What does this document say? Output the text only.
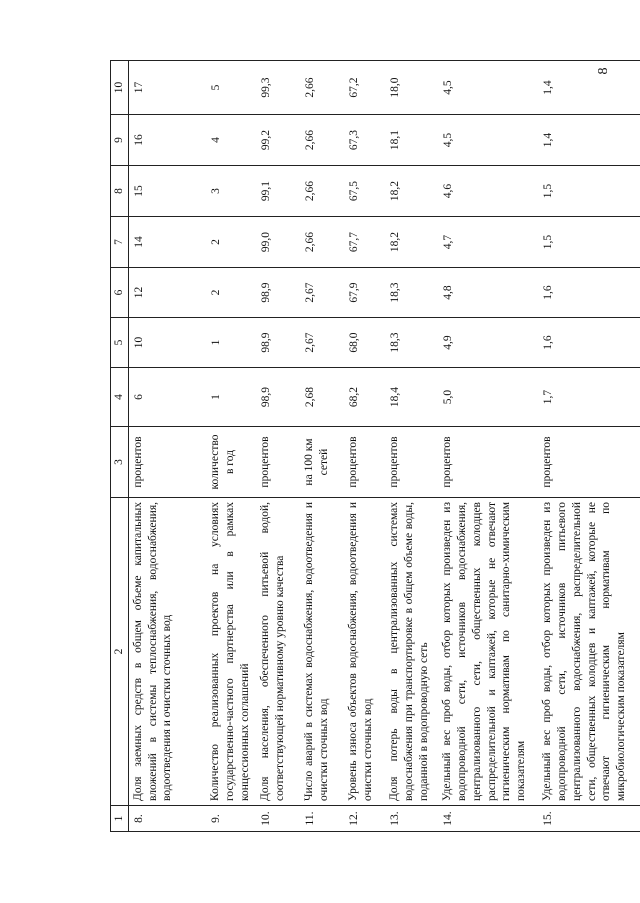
8
1	2	3	4	5	6	7	8	9	10
8.	Доля заемных средств в общем объеме капитальных вложений в системы теплоснабжения, водоснабжения, водоотведения и очистки сточных вод	процентов	6	10	12	14	15	16	17
9.	Количество реализованных проектов на условиях государственно-частного партнерства или в рамках концессионных соглашений	количество в год	1	1	2	2	3	4	5
10.	Доля населения, обеспеченного питьевой водой, соответствующей нормативному уровню качества	процентов	98,9	98,9	98,9	99,0	99,1	99,2	99,3
11.	Число аварий в системах водоснабжения, водоотведения и очистки сточных вод	на 100 км сетей	2,68	2,67	2,67	2,66	2,66	2,66	2,66
12.	Уровень износа объектов водоснабжения, водоотведения и очистки сточных вод	процентов	68,2	68,0	67,9	67,7	67,5	67,3	67,2
13.	Доля потерь воды в централизованных системах водоснабжения при транспортировке в общем объеме воды, поданной в водопроводную сеть	процентов	18,4	18,3	18,3	18,2	18,2	18,1	18,0
14.	Удельный вес проб воды, отбор которых произведен из водопроводной сети, источников водоснабжения, централизованного сети, общественных колодцев распределительной и каптажей, которые не отвечают гигиеническим нормативам по санитарно-химическим показателям	процентов	5,0	4,9	4,8	4,7	4,6	4,5	4,5
15.	Удельный вес проб воды, отбор которых произведен из водопроводной сети, источников питьевого централизованного водоснабжения, распределительной сети, общественных колодцев и каптажей, которые не отвечают гигиеническим нормативам по микробиологическим показателям	процентов	1,7	1,6	1,6	1,5	1,5	1,4	1,4
